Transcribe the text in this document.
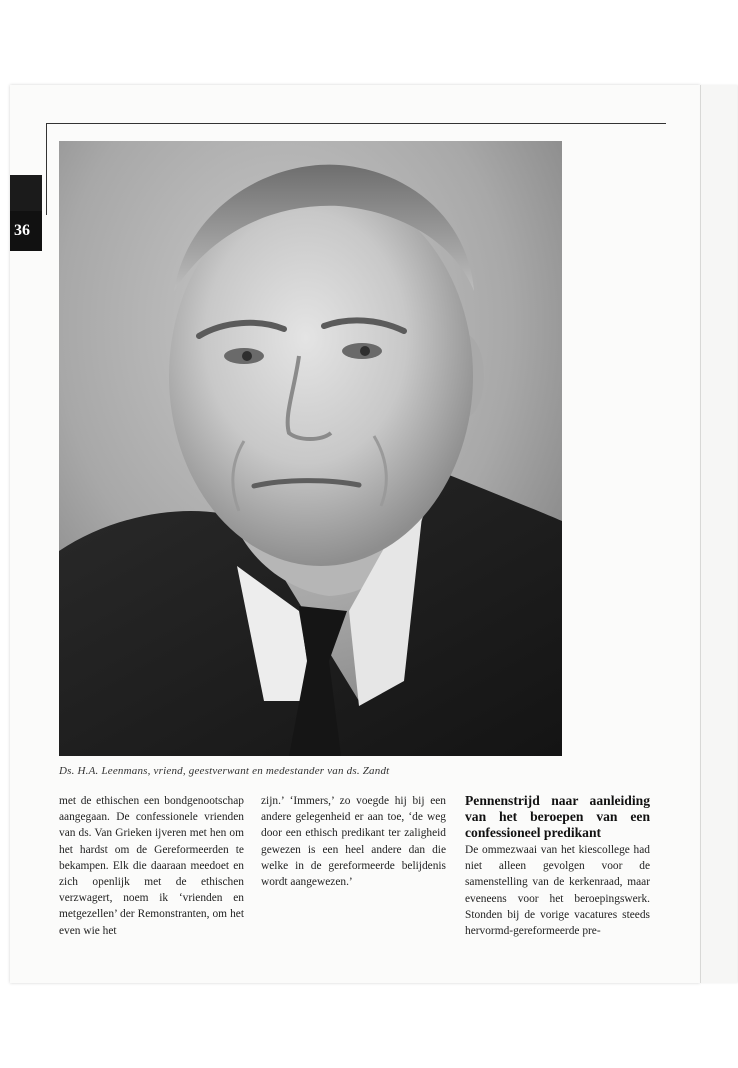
36
Ds. H.A. Leenmans, vriend, geestverwant en medestander van ds. Zandt
met de ethischen een bondgenootschap aangegaan. De confessionele vrienden van ds. Van Grieken ijveren met hen om het hardst om de Gereformeerden te bekampen. Elk die daaraan meedoet en zich openlijk met de ethischen verzwagert, noem ik ‘vrienden en metgezellen’ der Remonstranten, om het even wie het
zijn.’ ‘Immers,’ zo voegde hij bij een andere gelegenheid er aan toe, ‘de weg door een ethisch predikant ter zaligheid gewezen is een heel andere dan die welke in de gereformeerde belijdenis wordt aangewezen.’
Pennenstrijd naar aanleiding van het beroepen van een confessioneel predikant
De ommezwaai van het kiescollege had niet alleen gevolgen voor de samenstelling van de kerkenraad, maar eveneens voor het beroepingswerk. Stonden bij de vorige vacatures steeds hervormd-gereformeerde pre-
